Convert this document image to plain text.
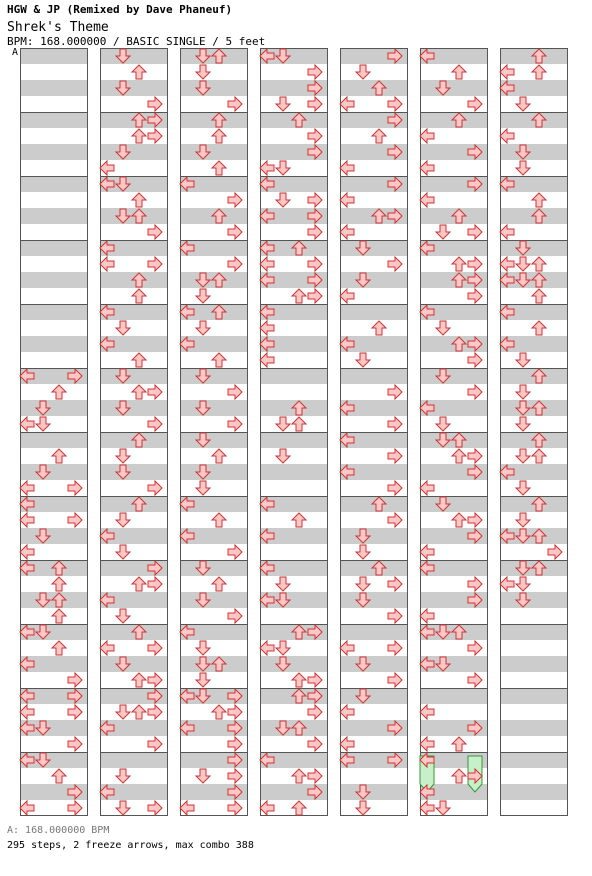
HGW & JP (Remixed by Dave Phaneuf)
Shrek's Theme
BPM: 168.000000 / BASIC SINGLE / 5 feet
A
A: 168.000000 BPM
295 steps, 2 freeze arrows, max combo 388
